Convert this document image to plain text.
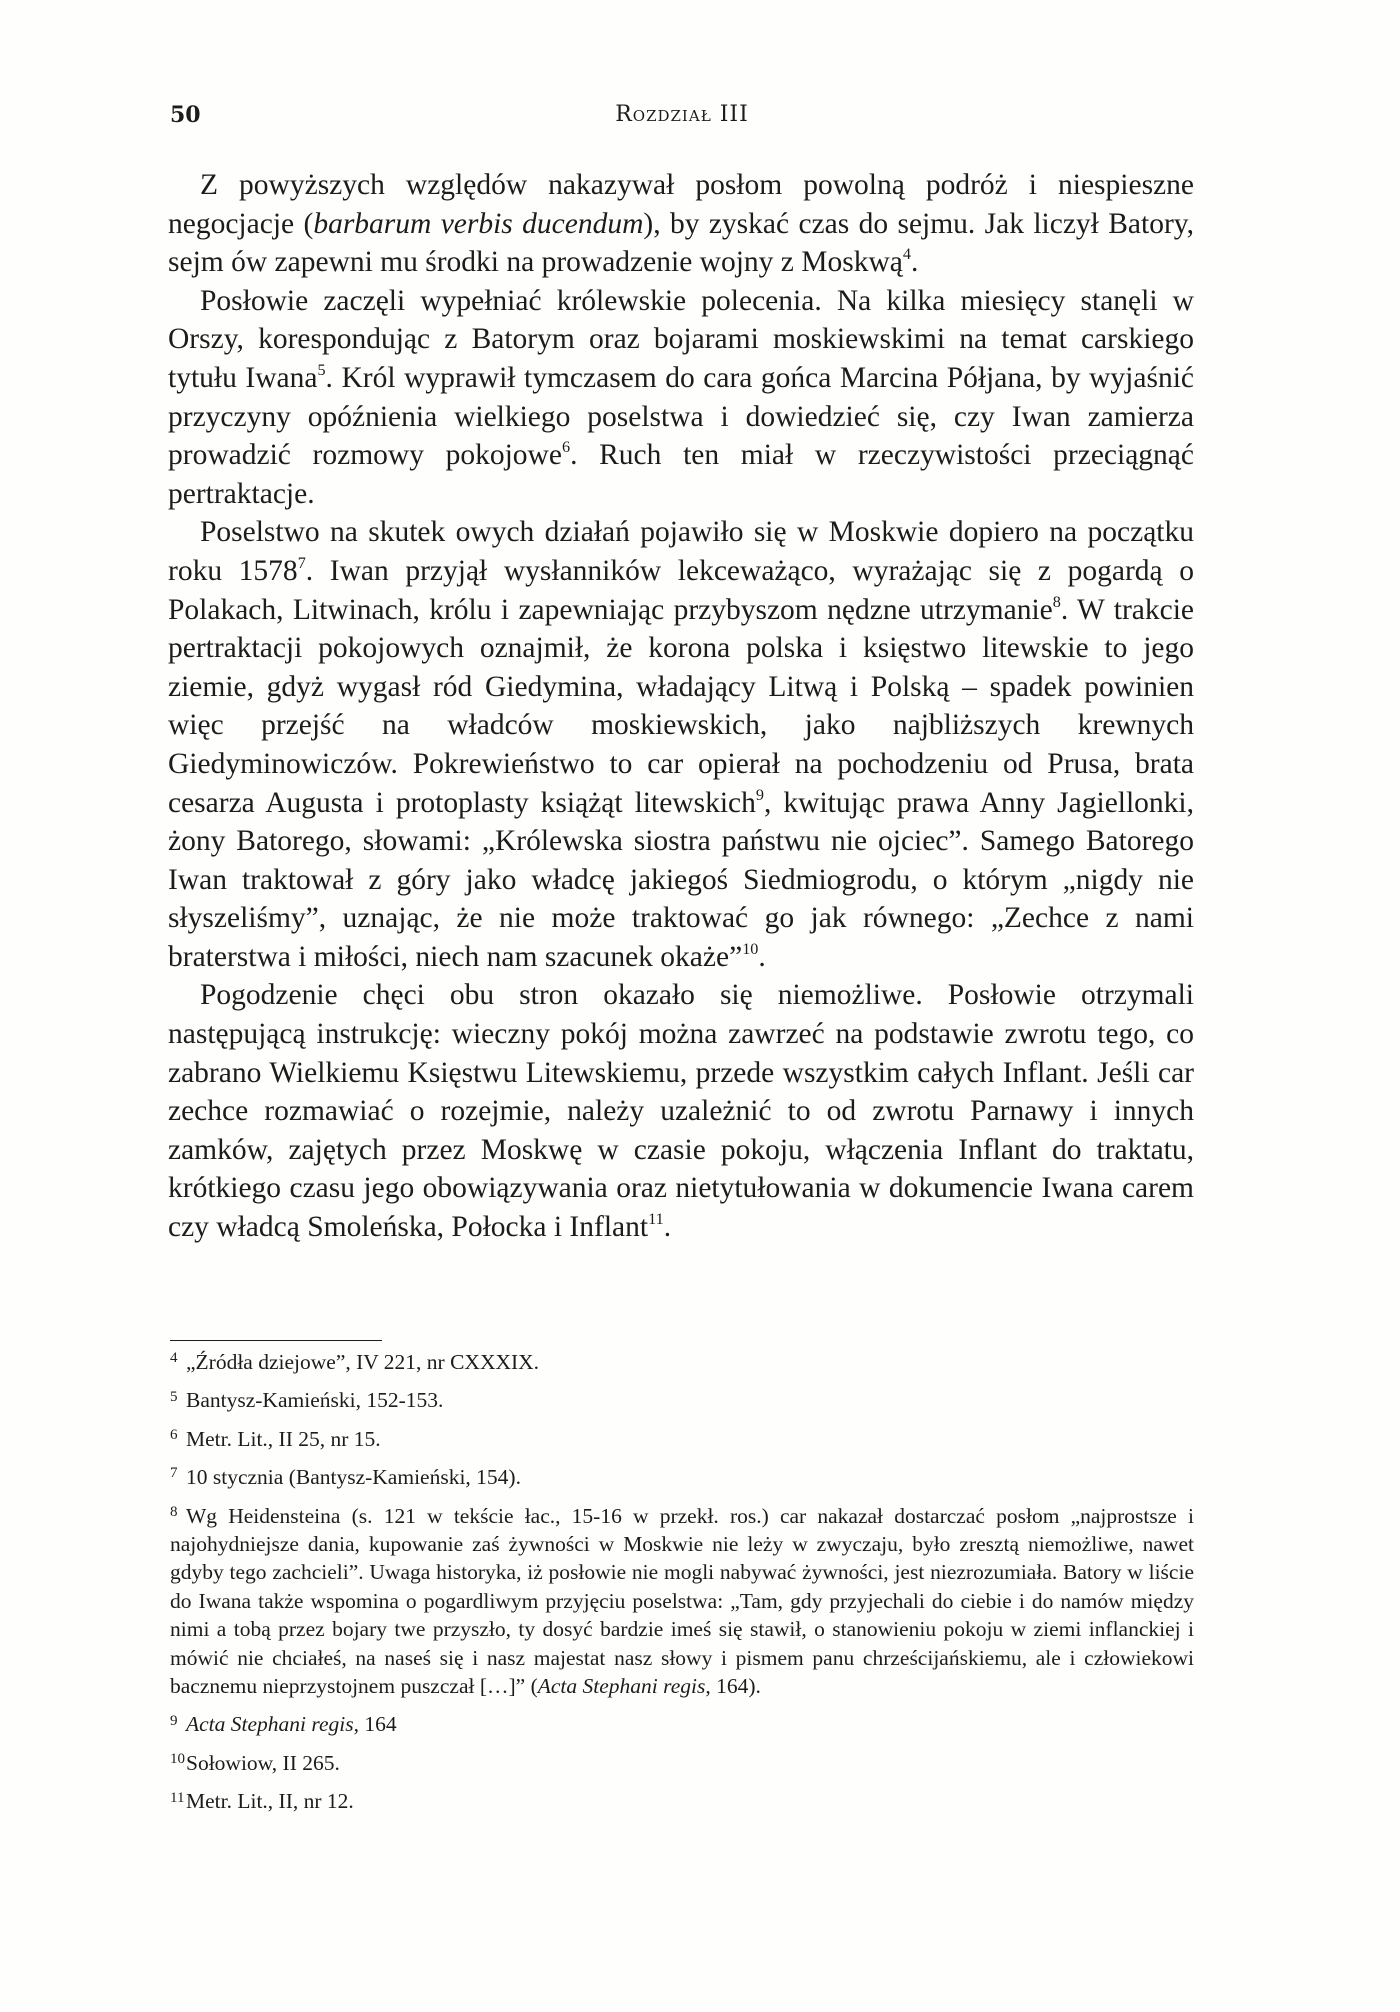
50	Rozdział III

Z powyższych względów nakazywał posłom powolną podróż i niespieszne negocjacje (barbarum verbis ducendum), by zyskać czas do sejmu. Jak liczył Batory, sejm ów zapewni mu środki na prowadzenie wojny z Moskwą$^4$.

Posłowie zaczęli wypełniać królewskie polecenia. Na kilka miesięcy stanęli w Orszy, korespondując z Batorym oraz bojarami moskiewskimi na temat carskiego tytułu Iwana$^5$. Król wyprawił tymczasem do cara gońca Marcina Półjana, by wyjaśnić przyczyny opóźnienia wielkiego poselstwa i dowiedzieć się, czy Iwan zamierza prowadzić rozmowy pokojowe$^6$. Ruch ten miał w rzeczywistości przeciągnąć pertraktacje.

Poselstwo na skutek owych działań pojawiło się w Moskwie dopiero na początku roku 1578$^7$. Iwan przyjął wysłanników lekceważąco, wyrażając się z pogardą o Polakach, Litwinach, królu i zapewniając przybyszom nędzne utrzymanie$^8$. W trakcie pertraktacji pokojowych oznajmił, że korona polska i księstwo litewskie to jego ziemie, gdyż wygasł ród Giedymina, władający Litwą i Polską – spadek powinien więc przejść na władców moskiewskich, jako najbliższych krewnych Giedyminowiczów. Pokrewieństwo to car opierał na pochodzeniu od Prusa, brata cesarza Augusta i protoplasty książąt litewskich$^9$, kwitując prawa Anny Jagiellonki, żony Batorego, słowami: „Królewska siostra państwu nie ojciec”. Samego Batorego Iwan traktował z góry jako władcę jakiegoś Siedmiogrodu, o którym „nigdy nie słyszeliśmy”, uznając, że nie może traktować go jak równego: „Zechce z nami braterstwa i miłości, niech nam szacunek okaże”$^{10}$.

Pogodzenie chęci obu stron okazało się niemożliwe. Posłowie otrzymali następującą instrukcję: wieczny pokój można zawrzeć na podstawie zwrotu tego, co zabrano Wielkiemu Księstwu Litewskiemu, przede wszystkim całych Inflant. Jeśli car zechce rozmawiać o rozejmie, należy uzależnić to od zwrotu Parnawy i innych zamków, zajętych przez Moskwę w czasie pokoju, włączenia Inflant do traktatu, krótkiego czasu jego obowiązywania oraz nietytułowania w dokumencie Iwana carem czy władcą Smoleńska, Połocka i Inflant$^{11}$.

4 „Źródła dziejowe”, IV 221, nr CXXXIX.
5 Bantysz-Kamieński, 152-153.
6 Metr. Lit., II 25, nr 15.
7 10 stycznia (Bantysz-Kamieński, 154).
8 Wg Heidensteina (s. 121 w tekście łac., 15-16 w przekł. ros.) car nakazał dostarczać posłom „najprostsze i najohydniejsze dania, kupowanie zaś żywności w Moskwie nie leży w zwyczaju, było zresztą niemożliwe, nawet gdyby tego zachcieli”. Uwaga historyka, iż posłowie nie mogli nabywać żywności, jest niezrozumiała. Batory w liście do Iwana także wspomina o pogardliwym przyjęciu poselstwa: „Tam, gdy przyjechali do ciebie i do namów między nimi a tobą przez bojary twe przyszło, ty dosyć bardzie imeś się stawił, o stanowieniu pokoju w ziemi inflanckiej i mówić nie chciałeś, na naseś się i nasz majestat nasz słowy i pismem panu chrześcijańskiemu, ale i człowiekowi bacznemu nieprzystojnem puszczał […]” (Acta Stephani regis, 164).
9 Acta Stephani regis, 164
10Sołowiow, II 265.
11Metr. Lit., II, nr 12.
